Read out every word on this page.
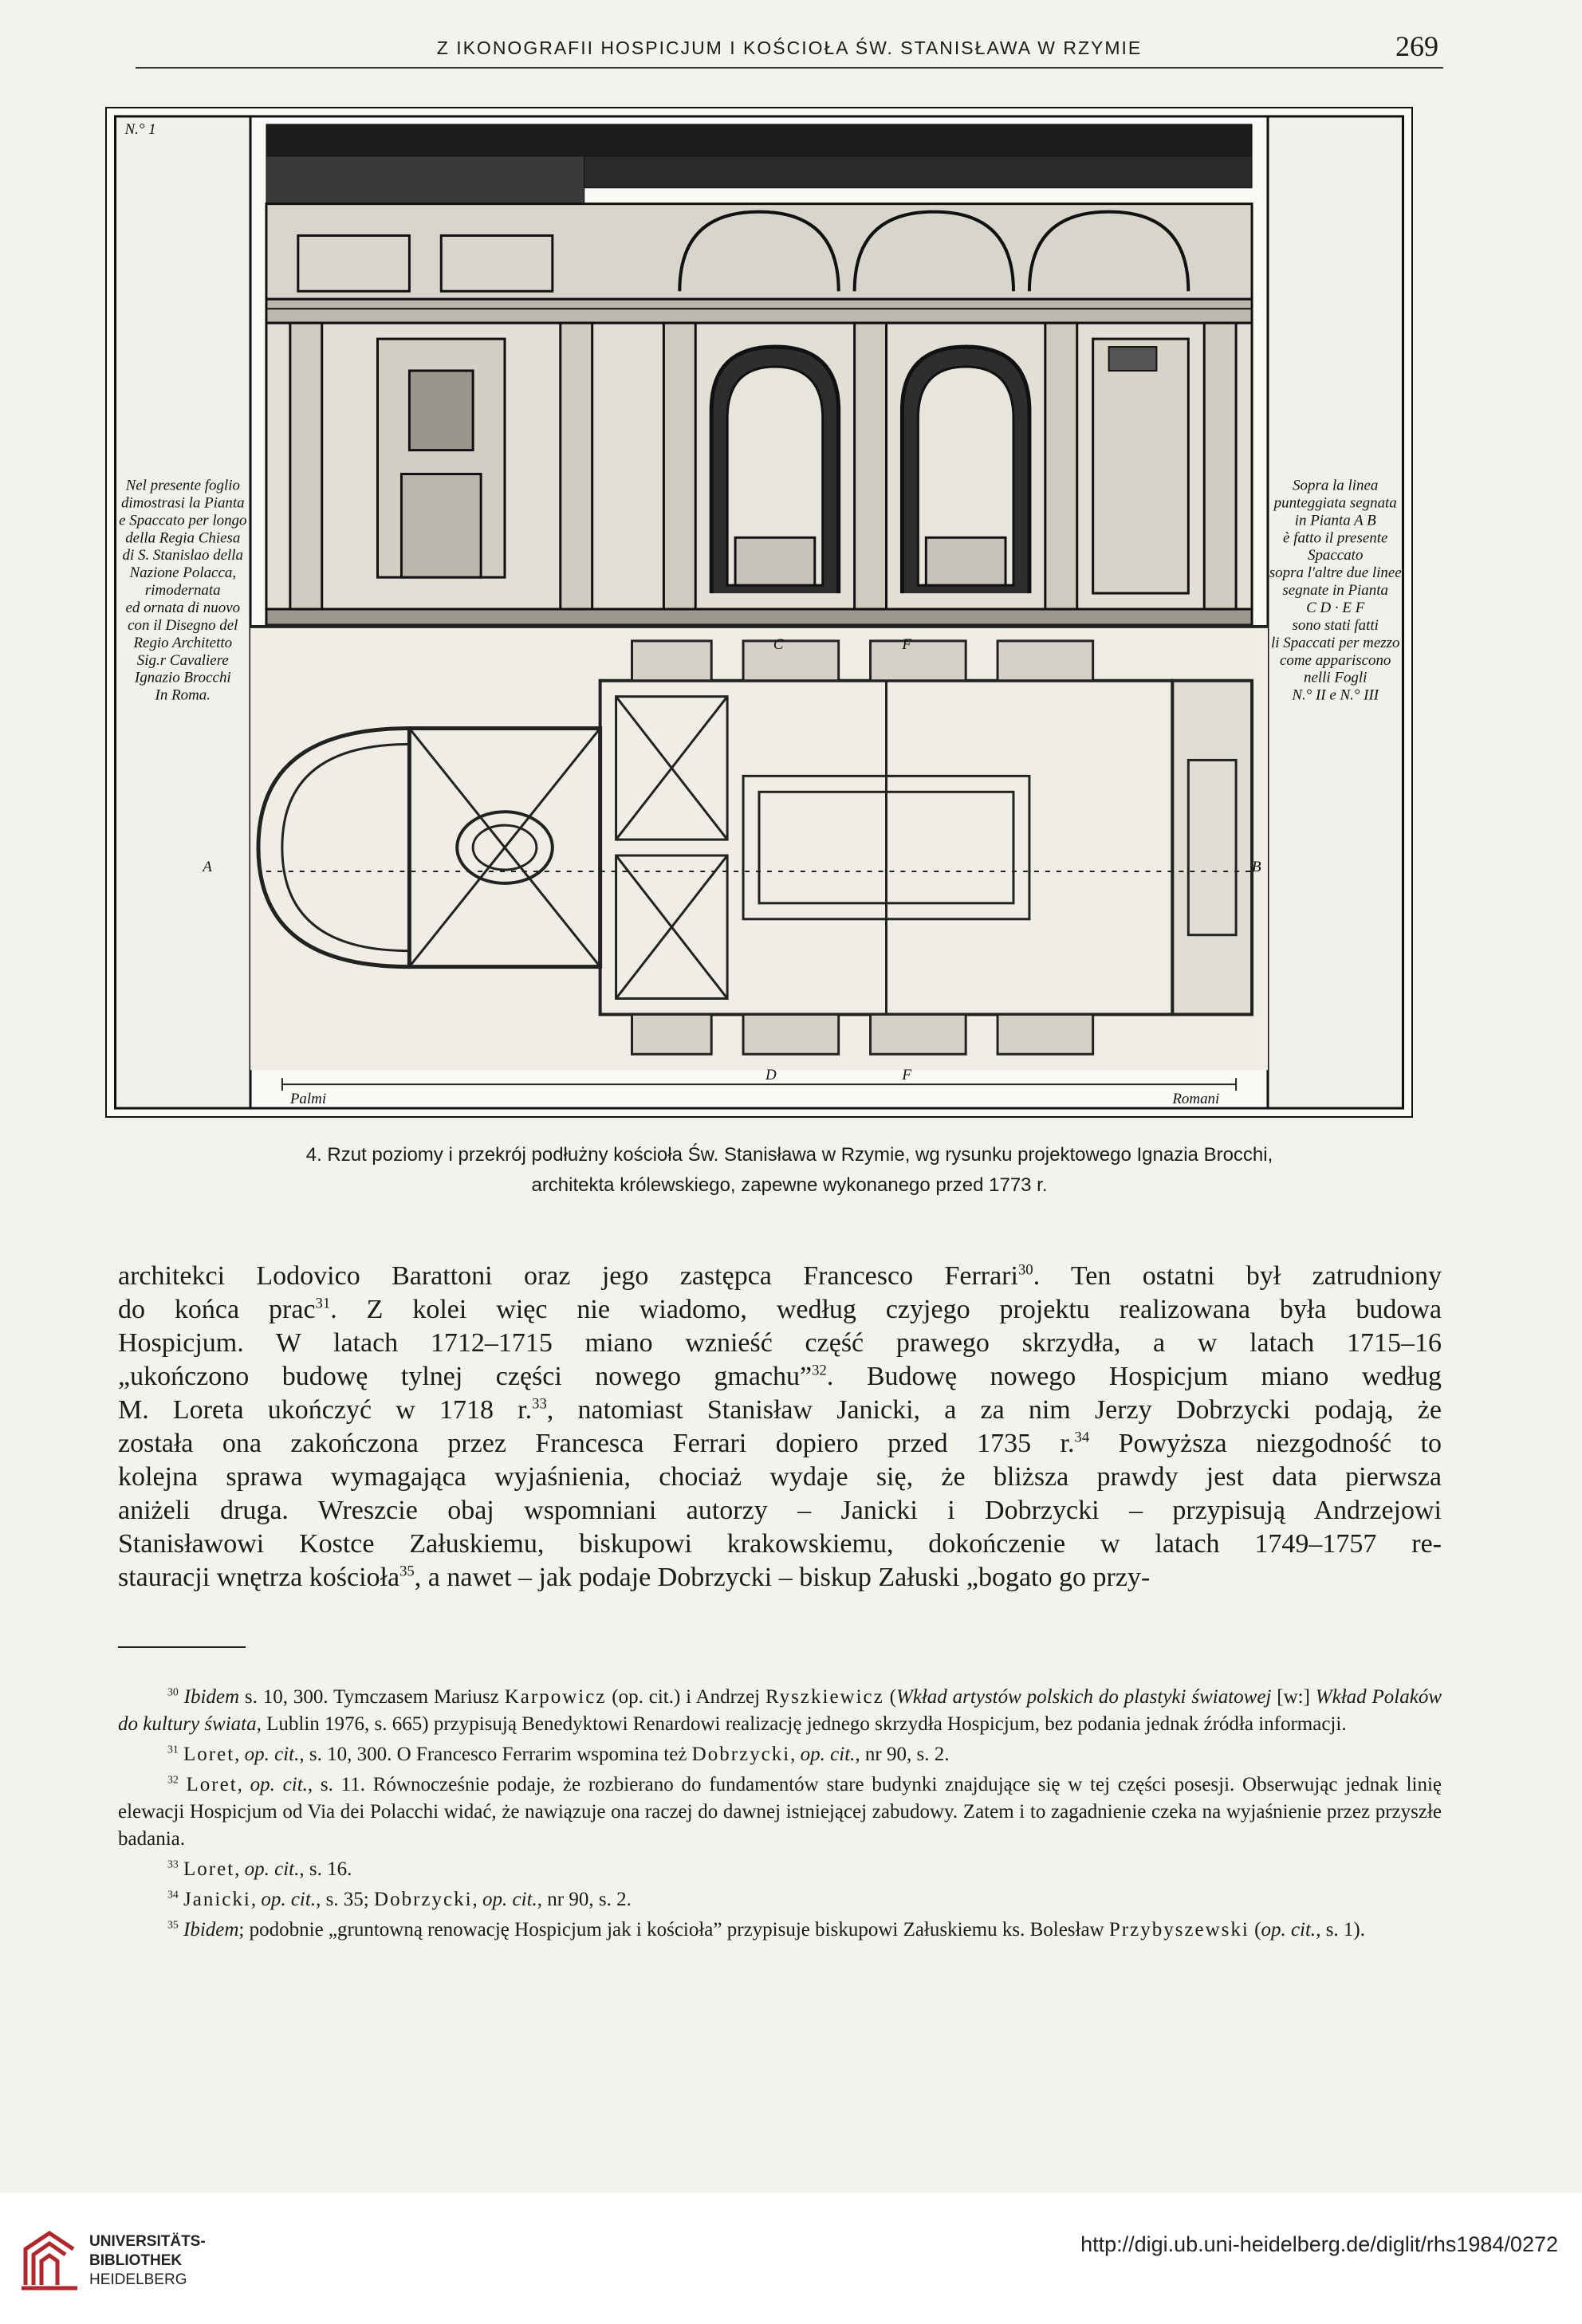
Z IKONOGRAFII HOSPICJUM I KOŚCIOŁA ŚW. STANISŁAWA W RZYMIE	269
N.° 1
Nel presente foglio
dimostrasi la Pianta
e Spaccato per longo
della Regia Chiesa
di S. Stanislao della
Nazione Polacca,
rimodernata
ed ornata di nuovo
con il Disegno del
Regio Architetto
Sig.r Cavaliere
Ignazio Brocchi
In Roma.
Sopra la linea
punteggiata segnata
in Pianta A B
è fatto il presente
Spaccato
sopra l'altre due linee
segnate in Pianta
C D · E F
sono stati fatti
li Spaccati per mezzo
come appariscono
nelli Fogli
N.° II e N.° III
A	B
C	F
D	F
Palmi	Romani
4. Rzut poziomy i przekrój podłużny kościoła Św. Stanisława w Rzymie, wg rysunku projektowego Ignazia Brocchi,
architekta królewskiego, zapewne wykonanego przed 1773 r.

architekci Lodovico Barattoni oraz jego zastępca Francesco Ferrari$^{30}$. Ten ostatni był zatrudniony

do końca prac$^{31}$. Z kolei więc nie wiadomo, według czyjego projektu realizowana była budowa

Hospicjum. W latach 1712–1715 miano wznieść część prawego skrzydła, a w latach 1715–16

„ukończono budowę tylnej części nowego gmachu”$^{32}$. Budowę nowego Hospicjum miano według

M. Loreta ukończyć w 1718 r.$^{33}$, natomiast Stanisław Janicki, a za nim Jerzy Dobrzycki podają, że

została ona zakończona przez Francesca Ferrari dopiero przed 1735 r.$^{34}$ Powyższa niezgodność to

kolejna sprawa wymagająca wyjaśnienia, chociaż wydaje się, że bliższa prawdy jest data pierwsza

aniżeli druga. Wreszcie obaj wspomniani autorzy – Janicki i Dobrzycki – przypisują Andrzejowi

Stanisławowi Kostce Załuskiemu, biskupowi krakowskiemu, dokończenie w latach 1749–1757 re-

stauracji wnętrza kościoła$^{35}$, a nawet – jak podaje Dobrzycki – biskup Załuski „bogato go przy-

$^{30}$ Ibidem s. 10, 300. Tymczasem Mariusz Karpowicz (op. cit.) i Andrzej Ryszkiewicz (Wkład artystów polskich do plastyki światowej [w:] Wkład Polaków do kultury świata, Lublin 1976, s. 665) przypisują Benedyktowi Renardowi realizację jednego skrzydła Hospicjum, bez podania jednak źródła informacji.

$^{31}$ Loret, op. cit., s. 10, 300. O Francesco Ferrarim wspomina też Dobrzycki, op. cit., nr 90, s. 2.

$^{32}$ Loret, op. cit., s. 11. Równocześnie podaje, że rozbierano do fundamentów stare budynki znajdujące się w tej części posesji. Obserwując jednak linię elewacji Hospicjum od Via dei Polacchi widać, że nawiązuje ona raczej do dawnej istniejącej zabudowy. Zatem i to zagadnienie czeka na wyjaśnienie przez przyszłe badania.

$^{33}$ Loret, op. cit., s. 16.

$^{34}$ Janicki, op. cit., s. 35; Dobrzycki, op. cit., nr 90, s. 2.

$^{35}$ Ibidem; podobnie „gruntowną renowację Hospicjum jak i kościoła” przypisuje biskupowi Załuskiemu ks. Bolesław Przybyszewski (op. cit., s. 1).

UNIVERSITÄTS-
BIBLIOTHEK
HEIDELBERG
http://digi.ub.uni-heidelberg.de/diglit/rhs1984/0272
